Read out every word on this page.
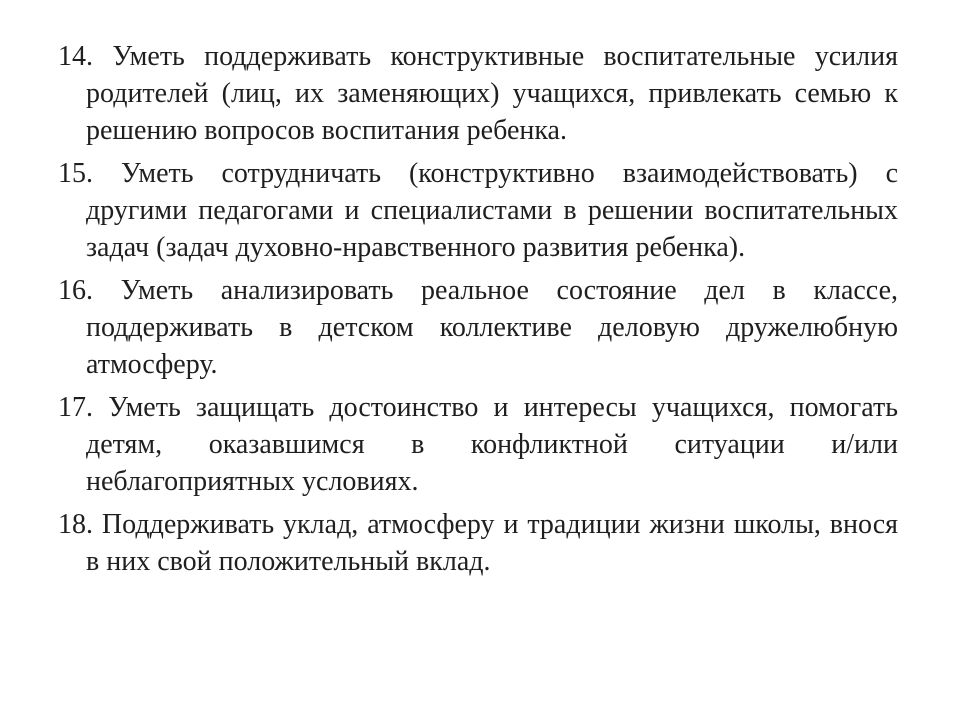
14. Уметь поддерживать конструктивные воспитательные усилия родителей (лиц, их заменяющих) учащихся, привлекать семью к решению вопросов воспитания ребенка.

15. Уметь сотрудничать (конструктивно взаимодействовать) с другими педагогами и специалистами в решении воспитательных задач (задач духовно-нравственного развития ребенка).

16. Уметь анализировать реальное состояние дел в классе, поддерживать в детском коллективе деловую дружелюбную атмосферу.

17. Уметь защищать достоинство и интересы учащихся, помогать детям, оказавшимся в конфликтной ситуации и/или неблагоприятных условиях.

18. Поддерживать уклад, атмосферу и традиции жизни школы, внося в них свой положительный вклад.
